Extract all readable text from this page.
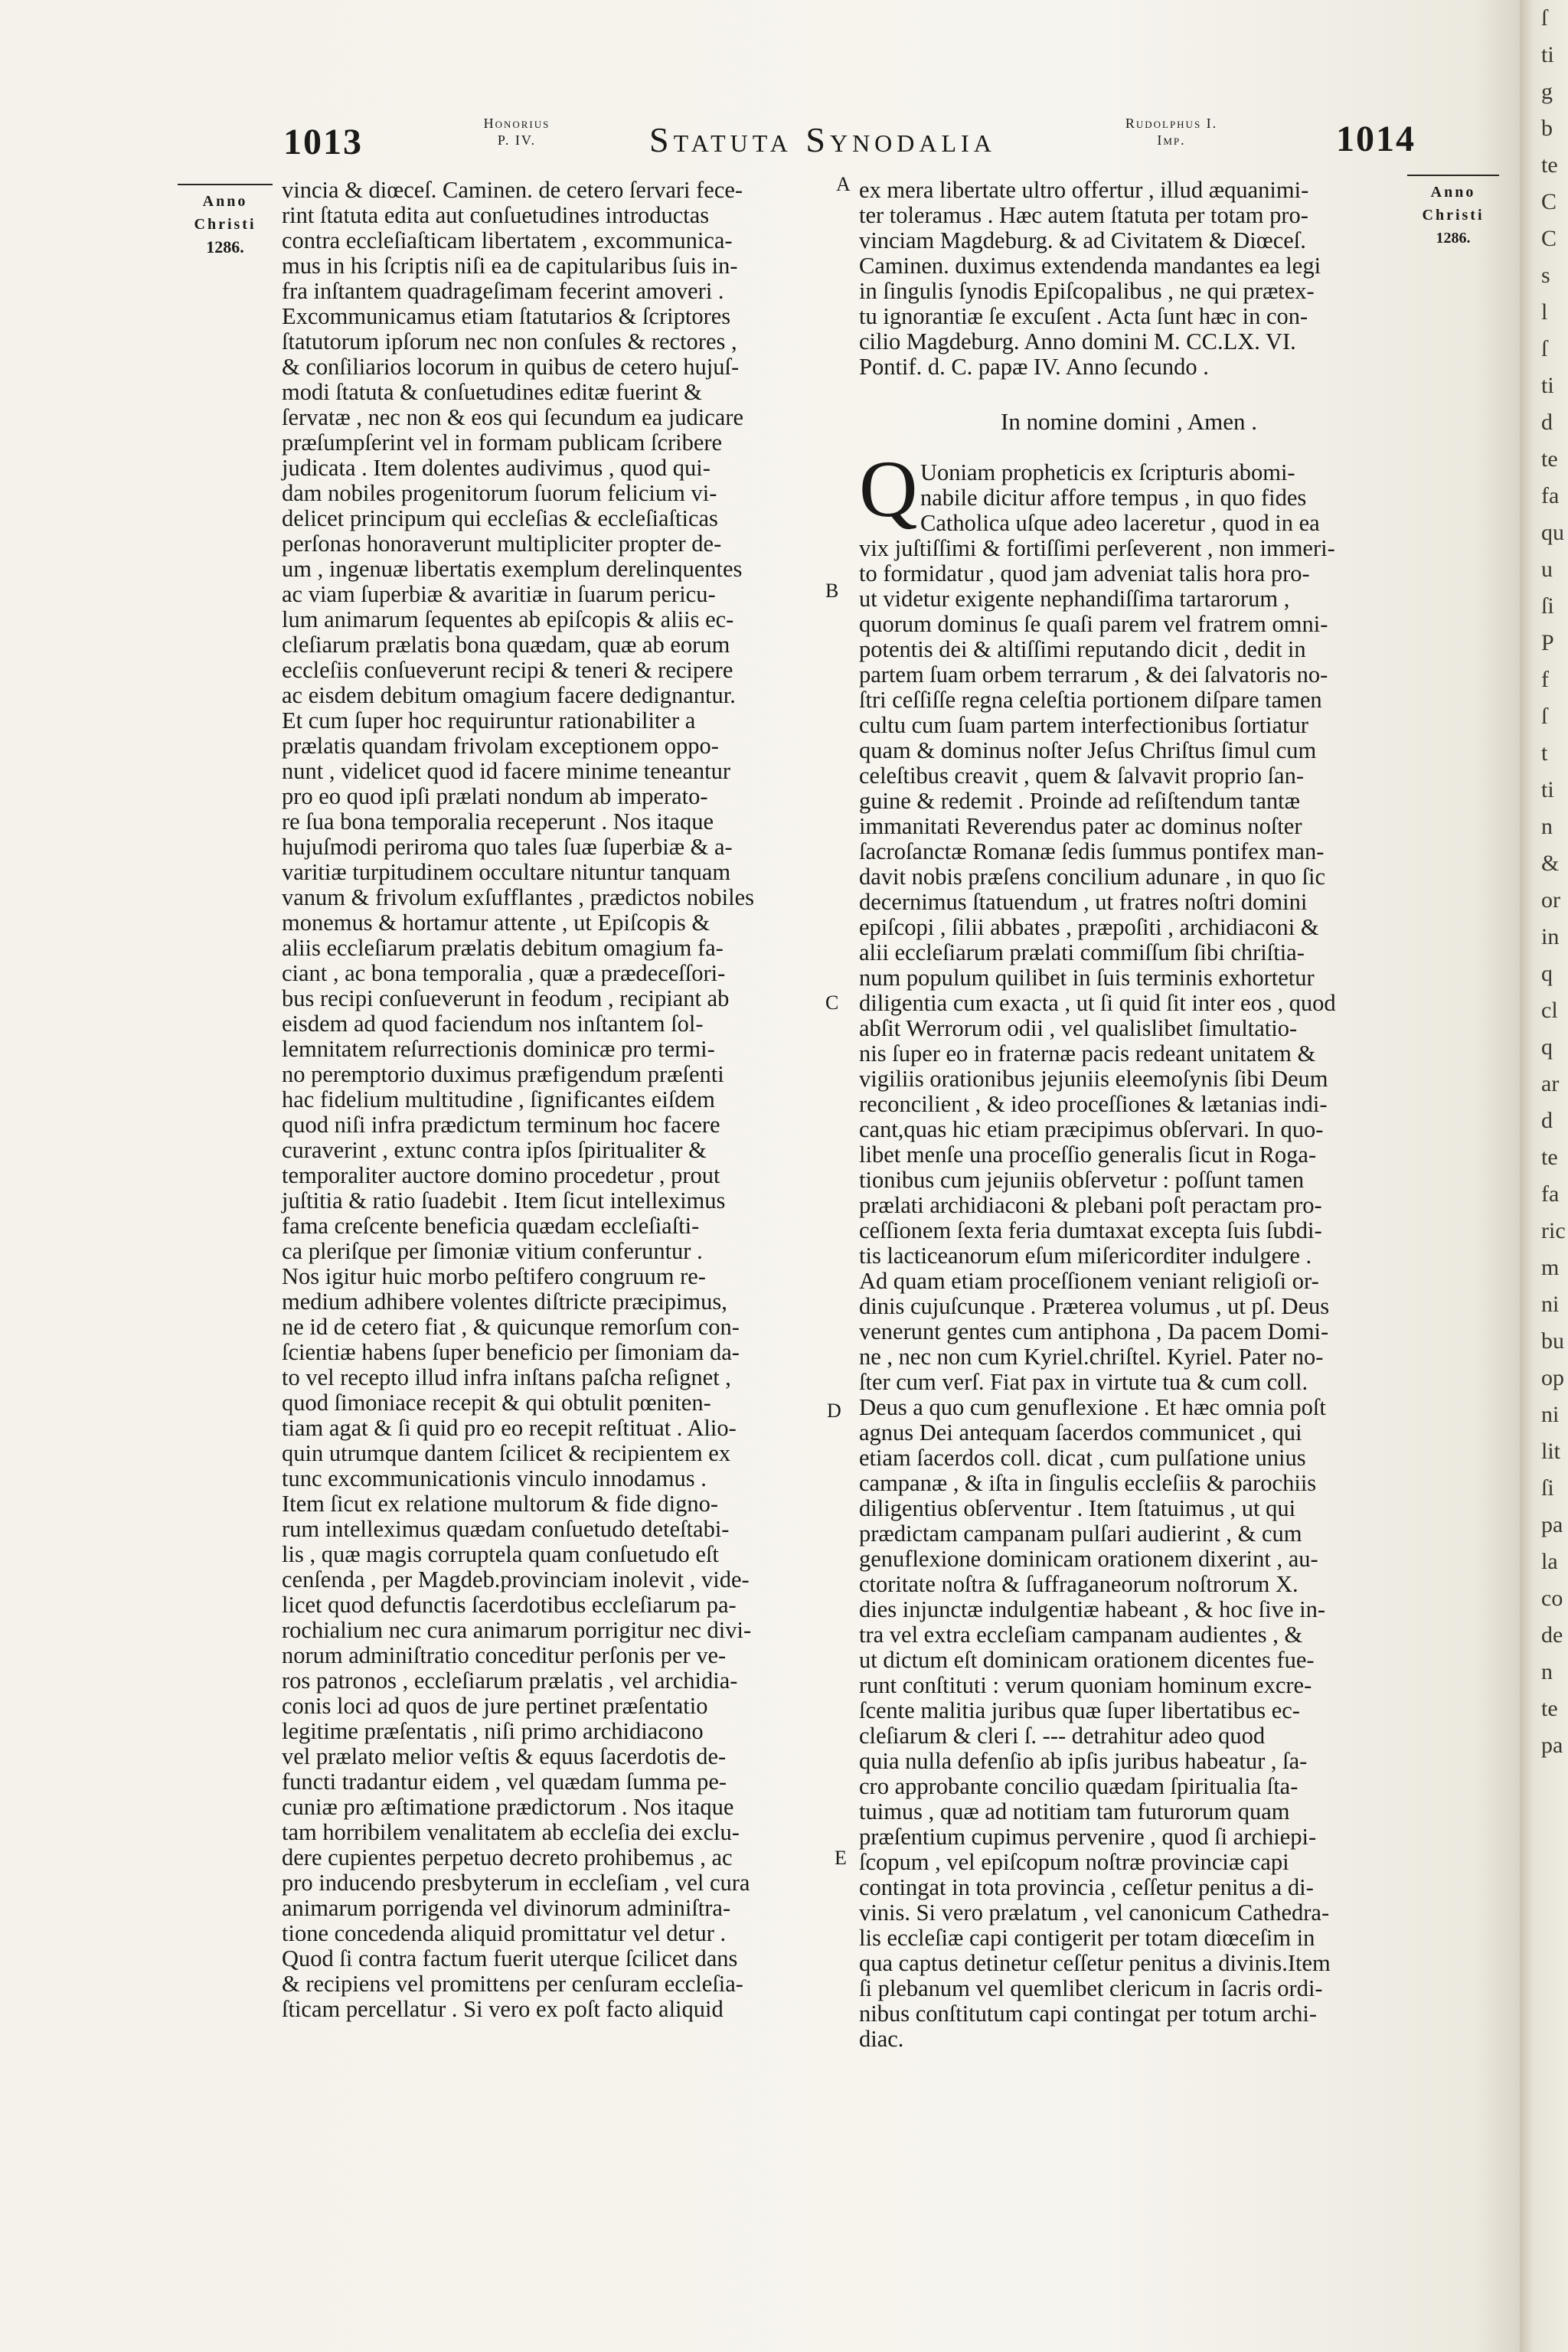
1013	Honorius
P. IV.	Statuta Synodalia	Rudolphus I.
Imp.	1014
Anno
Christi
1286.
Anno
Christi
1286.
A
B
C
D
E
vincia & diœceſ. Caminen. de cetero ſervari fece-
rint ſtatuta edita aut conſuetudines introductas
contra eccleſiaſticam libertatem , excommunica-
mus in his ſcriptis niſi ea de capitularibus ſuis in-
fra inſtantem quadrageſimam fecerint amoveri .
Excommunicamus etiam ſtatutarios & ſcriptores
ſtatutorum ipſorum nec non conſules & rectores ,
& conſiliarios locorum in quibus de cetero hujuſ-
modi ſtatuta & conſuetudines editæ fuerint &
ſervatæ , nec non & eos qui ſecundum ea judicare
præſumpſerint vel in formam publicam ſcribere
judicata . Item dolentes audivimus , quod qui-
dam nobiles progenitorum ſuorum felicium vi-
delicet principum qui eccleſias & eccleſiaſticas
perſonas honoraverunt multipliciter propter de-
um , ingenuæ libertatis exemplum derelinquentes
ac viam ſuperbiæ & avaritiæ in ſuarum pericu-
lum animarum ſequentes ab epiſcopis & aliis ec-
cleſiarum prælatis bona quædam, quæ ab eorum
eccleſiis conſueverunt recipi & teneri & recipere
ac eisdem debitum omagium facere dedignantur.
Et cum ſuper hoc requiruntur rationabiliter a
prælatis quandam frivolam exceptionem oppo-
nunt , videlicet quod id facere minime teneantur
pro eo quod ipſi prælati nondum ab imperato-
re ſua bona temporalia receperunt . Nos itaque
hujuſmodi periroma quo tales ſuæ ſuperbiæ & a-
varitiæ turpitudinem occultare nituntur tanquam
vanum & frivolum exſufflantes , prædictos nobiles
monemus & hortamur attente , ut Epiſcopis &
aliis eccleſiarum prælatis debitum omagium fa-
ciant , ac bona temporalia , quæ a prædeceſſori-
bus recipi conſueverunt in feodum , recipiant ab
eisdem ad quod faciendum nos inſtantem ſol-
lemnitatem reſurrectionis dominicæ pro termi-
no peremptorio duximus præfigendum præſenti
hac fidelium multitudine , ſignificantes eiſdem
quod niſi infra prædictum terminum hoc facere
curaverint , extunc contra ipſos ſpiritualiter &
temporaliter auctore domino procedetur , prout
juſtitia & ratio ſuadebit . Item ſicut intelleximus
fama creſcente beneficia quædam eccleſiaſti-
ca pleriſque per ſimoniæ vitium conferuntur .
Nos igitur huic morbo peſtifero congruum re-
medium adhibere volentes diſtricte præcipimus,
ne id de cetero fiat , & quicunque remorſum con-
ſcientiæ habens ſuper beneficio per ſimoniam da-
to vel recepto illud infra inſtans paſcha reſignet ,
quod ſimoniace recepit & qui obtulit pœniten-
tiam agat & ſi quid pro eo recepit reſtituat . Alio-
quin utrumque dantem ſcilicet & recipientem ex
tunc excommunicationis vinculo innodamus .
Item ſicut ex relatione multorum & fide digno-
rum intelleximus quædam conſuetudo deteſtabi-
lis , quæ magis corruptela quam conſuetudo eſt
cenſenda , per Magdeb.provinciam inolevit , vide-
licet quod defunctis ſacerdotibus eccleſiarum pa-
rochialium nec cura animarum porrigitur nec divi-
norum adminiſtratio conceditur perſonis per ve-
ros patronos , eccleſiarum prælatis , vel archidia-
conis loci ad quos de jure pertinet præſentatio
legitime præſentatis , niſi primo archidiacono
vel prælato melior veſtis & equus ſacerdotis de-
functi tradantur eidem , vel quædam ſumma pe-
cuniæ pro æſtimatione prædictorum . Nos itaque
tam horribilem venalitatem ab eccleſia dei exclu-
dere cupientes perpetuo decreto prohibemus , ac
pro inducendo presbyterum in eccleſiam , vel cura
animarum porrigenda vel divinorum adminiſtra-
tione concedenda aliquid promittatur vel detur .
Quod ſi contra factum fuerit uterque ſcilicet dans
& recipiens vel promittens per cenſuram eccleſia-
ſticam percellatur . Si vero ex poſt facto aliquid
ex mera libertate ultro offertur , illud æquanimi-
ter toleramus . Hæc autem ſtatuta per totam pro-
vinciam Magdeburg. & ad Civitatem & Diœceſ.
Caminen. duximus extendenda mandantes ea legi
in ſingulis ſynodis Epiſcopalibus , ne qui prætex-
tu ignorantiæ ſe excuſent . Acta ſunt hæc in con-
cilio Magdeburg. Anno domini M. CC.LX. VI.
Pontif. d. C. papæ IV. Anno ſecundo .
In nomine domini , Amen .
Uoniam propheticis ex ſcripturis abomi-
nabile dicitur affore tempus , in quo fides
Catholica uſque adeo laceretur , quod in ea
vix juſtiſſimi & fortiſſimi perſeverent , non immeri-
to formidatur , quod jam adveniat talis hora pro-
ut videtur exigente nephandiſſima tartarorum ,
quorum dominus ſe quaſi parem vel fratrem omni-
potentis dei & altiſſimi reputando dicit , dedit in
partem ſuam orbem terrarum , & dei ſalvatoris no-
ſtri ceſſiſſe regna celeſtia portionem diſpare tamen
cultu cum ſuam partem interfectionibus ſortiatur
quam & dominus noſter Jeſus Chriſtus ſimul cum
celeſtibus creavit , quem & ſalvavit proprio ſan-
guine & redemit . Proinde ad reſiſtendum tantæ
immanitati Reverendus pater ac dominus noſter
ſacroſanctæ Romanæ ſedis ſummus pontifex man-
davit nobis præſens concilium adunare , in quo ſic
decernimus ſtatuendum , ut fratres noſtri domini
epiſcopi , ſilii abbates , præpoſiti , archidiaconi &
alii eccleſiarum prælati commiſſum ſibi chriſtia-
num populum quilibet in ſuis terminis exhortetur
diligentia cum exacta , ut ſi quid ſit inter eos , quod
abſit Werrorum odii , vel qualislibet ſimultatio-
nis ſuper eo in fraternæ pacis redeant unitatem &
vigiliis orationibus jejuniis eleemoſynis ſibi Deum
reconcilient , & ideo proceſſiones & lætanias indi-
cant,quas hic etiam præcipimus obſervari. In quo-
libet menſe una proceſſio generalis ſicut in Roga-
tionibus cum jejuniis obſervetur : poſſunt tamen
prælati archidiaconi & plebani poſt peractam pro-
ceſſionem ſexta feria dumtaxat excepta ſuis ſubdi-
tis lacticeanorum eſum miſericorditer indulgere .
Ad quam etiam proceſſionem veniant religioſi or-
dinis cujuſcunque . Præterea volumus , ut pſ. Deus
venerunt gentes cum antiphona , Da pacem Domi-
ne , nec non cum Kyriel.chriſtel. Kyriel. Pater no-
ſter cum verſ. Fiat pax in virtute tua & cum coll.
Deus a quo cum genuflexione . Et hæc omnia poſt
agnus Dei antequam ſacerdos communicet , qui
etiam ſacerdos coll. dicat , cum pulſatione unius
campanæ , & iſta in ſingulis eccleſiis & parochiis
diligentius obſerventur . Item ſtatuimus , ut qui
prædictam campanam pulſari audierint , & cum
genuflexione dominicam orationem dixerint , au-
ctoritate noſtra & ſuffraganeorum noſtrorum X.
dies injunctæ indulgentiæ habeant , & hoc ſive in-
tra vel extra eccleſiam campanam audientes , &
ut dictum eſt dominicam orationem dicentes fue-
runt conſtituti : verum quoniam hominum excre-
ſcente malitia juribus quæ ſuper libertatibus ec-
cleſiarum & cleri ſ. --- detrahitur adeo quod
quia nulla defenſio ab ipſis juribus habeatur , ſa-
cro approbante concilio quædam ſpiritualia ſta-
tuimus , quæ ad notitiam tam futurorum quam
præſentium cupimus pervenire , quod ſi archiepi-
ſcopum , vel epiſcopum noſtræ provinciæ capi
contingat in tota provincia , ceſſetur penitus a di-
vinis. Si vero prælatum , vel canonicum Cathedra-
lis eccleſiæ capi contigerit per totam diœceſim in
qua captus detinetur ceſſetur penitus a divinis.Item
ſi plebanum vel quemlibet clericum in ſacris ordi-
nibus conſtitutum capi contingat per totum archi-
diac.
Q
ſ
ti
g
b
te
C
C
s
l
ſ
ti
d
te
fa
qu
u
ſi
P
f
ſ
t
ti
n
&
or
in
q
cl
q
ar
d
te
fa
ric
m
ni
bu
op
ni
lit
ſi
pa
la
co
de
n
te
pa
